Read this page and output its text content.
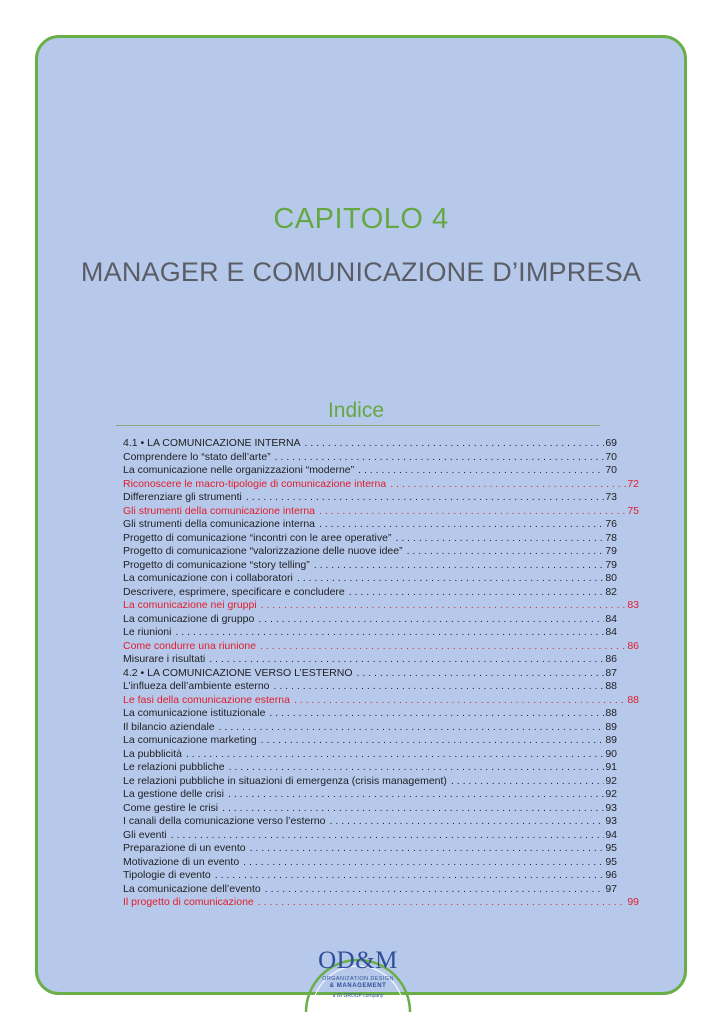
CAPITOLO 4
MANAGER E COMUNICAZIONE D’IMPRESA
Indice
4.1 • LA COMUNICAZIONE INTERNA . . .	69
Comprendere lo “stato dell’arte” . . .	70
La comunicazione nelle organizzazioni “moderne” . . .	70
Riconoscere le macro-tipologie di comunicazione interna . . .	72
Differenziare gli strumenti . . .	73
Gli strumenti della comunicazione interna . . .	75
Gli strumenti della comunicazione interna . . .	76
Progetto di comunicazione “incontri con le aree operative” . . .	78
Progetto di comunicazione “valorizzazione delle nuove idee” . . .	79
Progetto di comunicazione “story telling” . . .	79
La comunicazione con i collaboratori . . .	80
Descrivere, esprimere, specificare e concludere . . .	82
La comunicazione nei gruppi . . .	83
La comunicazione di gruppo . . .	84
Le riunioni . . .	84
Come condurre una riunione . . .	86
Misurare i risultati . . .	86
4.2 • LA COMUNICAZIONE VERSO L’ESTERNO . . .	87
L’influeza dell’ambiente esterno . . .	88
Le fasi della comunicazione esterna . . .	88
La comunicazione istituzionale . . .	88
Il bilancio aziendale . . .	89
La comunicazione marketing . . .	89
La pubblicità . . .	90
Le relazioni pubbliche . . .	91
Le relazioni pubbliche in situazioni di emergenza (crisis management) . . .	92
La gestione delle crisi . . .	92
Come gestire le crisi . . .	93
I canali della comunicazione verso l’esterno . . .	93
Gli eventi . . .	94
Preparazione di un evento . . .	95
Motivazione di un evento . . .	95
Tipologie di evento . . .	96
La comunicazione dell’evento . . .	97
Il progetto di comunicazione . . .	99
OD&M
ORGANIZATION DESIGN
& MANAGEMENT
a GI GROUP company
